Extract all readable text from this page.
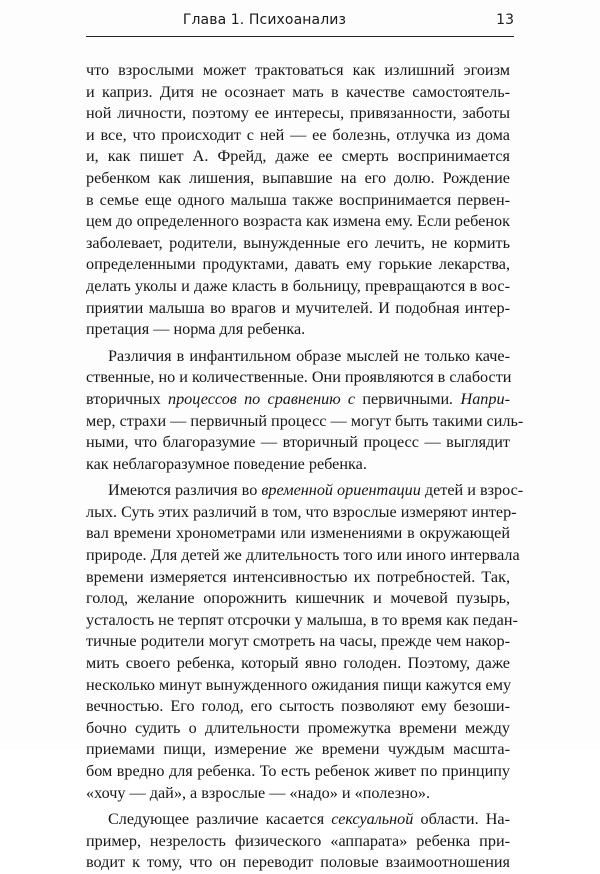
Глава 1. Психоанализ	13
что взрослыми может трактоваться как излишний эгоизм
и каприз. Дитя не осознает мать в качестве самостоятель-
ной личности, поэтому ее интересы, привязанности, заботы
и все, что происходит с ней — ее болезнь, отлучка из дома
и, как пишет А. Фрейд, даже ее смерть воспринимается
ребенком как лишения, выпавшие на его долю. Рождение
в семье еще одного малыша также воспринимается первен-
цем до определенного возраста как измена ему. Если ребенок
заболевает, родители, вынужденные его лечить, не кормить
определенными продуктами, давать ему горькие лекарства,
делать уколы и даже класть в больницу, превращаются в вос-
приятии малыша во врагов и мучителей. И подобная интер-
претация — норма для ребенка.
Различия в инфантильном образе мыслей не только каче-
ственные, но и количественные. Они проявляются в слабости
вторичных процессов по сравнению с первичными. Напри-
мер, страхи — первичный процесс — могут быть такими силь-
ными, что благоразумие — вторичный процесс — выглядит
как неблагоразумное поведение ребенка.
Имеются различия во временной ориентации детей и взрос-
лых. Суть этих различий в том, что взрослые измеряют интер-
вал времени хронометрами или изменениями в окружающей
природе. Для детей же длительность того или иного интервала
времени измеряется интенсивностью их потребностей. Так,
голод, желание опорожнить кишечник и мочевой пузырь,
усталость не терпят отсрочки у малыша, в то время как педан-
тичные родители могут смотреть на часы, прежде чем накор-
мить своего ребенка, который явно голоден. Поэтому, даже
несколько минут вынужденного ожидания пищи кажутся ему
вечностью. Его голод, его сытость позволяют ему безоши-
бочно судить о длительности промежутка времени между
приемами пищи, измерение же времени чуждым масшта-
бом вредно для ребенка. То есть ребенок живет по принципу
«хочу — дай», а взрослые — «надо» и «полезно».
Следующее различие касается сексуальной области. На-
пример, незрелость физического «аппарата» ребенка при-
водит к тому, что он переводит половые взаимоотношения
